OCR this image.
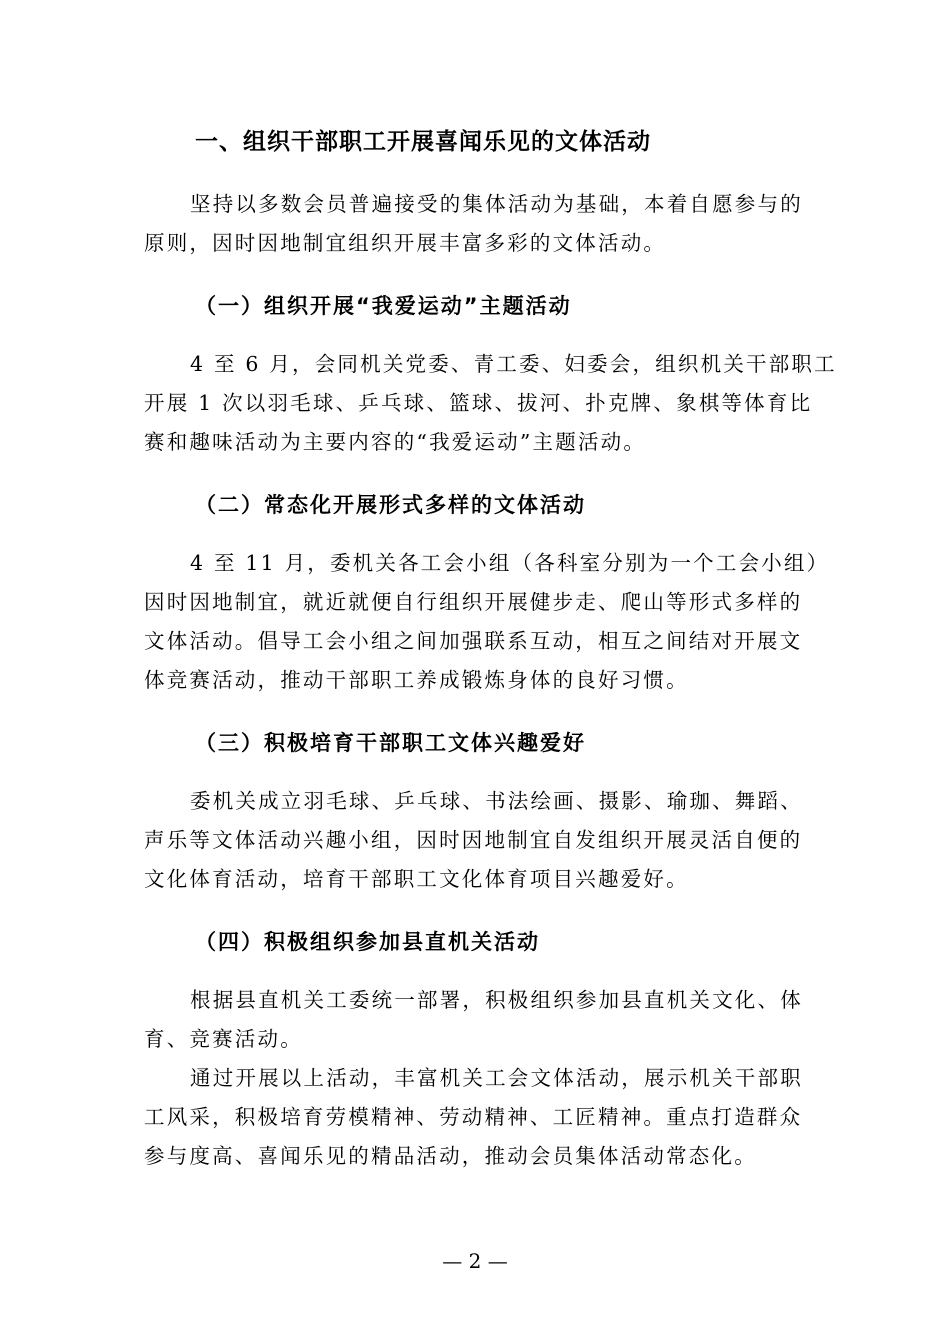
一、组织干部职工开展喜闻乐见的文体活动
坚持以多数会员普遍接受的集体活动为基础，本着自愿参与的
原则，因时因地制宜组织开展丰富多彩的文体活动。
（一）组织开展“我爱运动”主题活动
4 至 6 月，会同机关党委、青工委、妇委会，组织机关干部职工
开展 1 次以羽毛球、乒乓球、篮球、拔河、扑克牌、象棋等体育比
赛和趣味活动为主要内容的“我爱运动”主题活动。
（二）常态化开展形式多样的文体活动
4 至 11 月，委机关各工会小组（各科室分别为一个工会小组）
因时因地制宜，就近就便自行组织开展健步走、爬山等形式多样的
文体活动。倡导工会小组之间加强联系互动，相互之间结对开展文
体竞赛活动，推动干部职工养成锻炼身体的良好习惯。
（三）积极培育干部职工文体兴趣爱好
委机关成立羽毛球、乒乓球、书法绘画、摄影、瑜珈、舞蹈、
声乐等文体活动兴趣小组，因时因地制宜自发组织开展灵活自便的
文化体育活动，培育干部职工文化体育项目兴趣爱好。
（四）积极组织参加县直机关活动
根据县直机关工委统一部署，积极组织参加县直机关文化、体
育、竞赛活动。
通过开展以上活动，丰富机关工会文体活动，展示机关干部职
工风采，积极培育劳模精神、劳动精神、工匠精神。重点打造群众
参与度高、喜闻乐见的精品活动，推动会员集体活动常态化。
— 2 —
